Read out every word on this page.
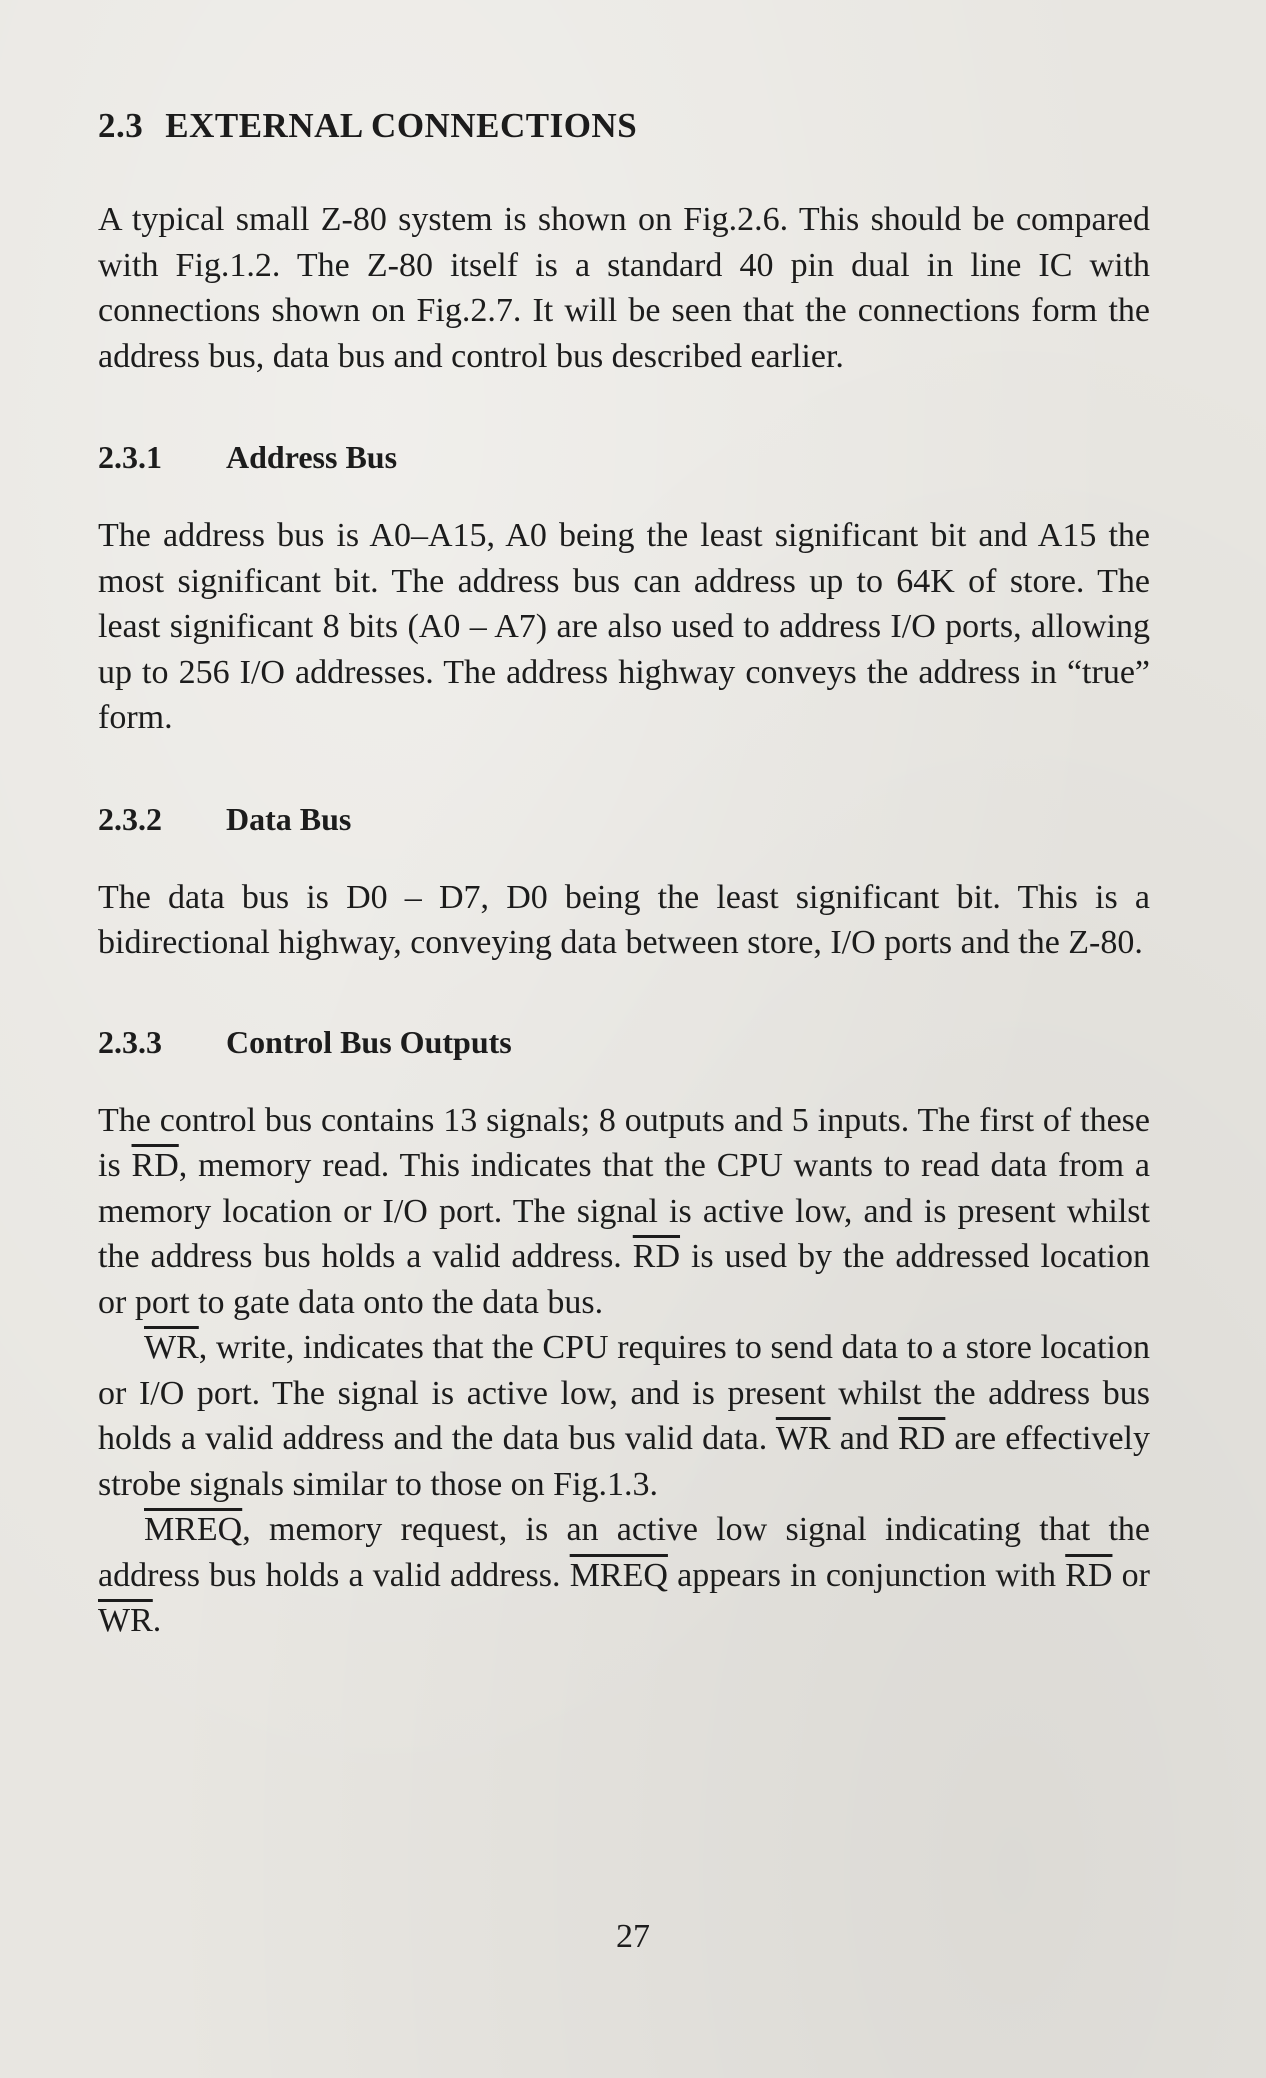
2.3 EXTERNAL CONNECTIONS

A typical small Z-80 system is shown on Fig.2.6. This should be compared with Fig.1.2. The Z-80 itself is a standard 40 pin dual in line IC with connections shown on Fig.2.7. It will be seen that the connections form the address bus, data bus and control bus described earlier.

2.3.1 Address Bus

The address bus is A0–A15, A0 being the least significant bit and A15 the most significant bit. The address bus can address up to 64K of store. The least significant 8 bits (A0 – A7) are also used to address I/O ports, allowing up to 256 I/O addresses. The address highway conveys the address in “true” form.

2.3.2 Data Bus

The data bus is D0 – D7, D0 being the least significant bit. This is a bidirectional highway, conveying data between store, I/O ports and the Z-80.

2.3.3 Control Bus Outputs

The control bus contains 13 signals; 8 outputs and 5 inputs. The first of these is $\overline{RD}$, memory read. This indicates that the CPU wants to read data from a memory location or I/O port. The signal is active low, and is present whilst the address bus holds a valid address. $\overline{RD}$ is used by the addressed location or port to gate data onto the data bus.

$\overline{WR}$, write, indicates that the CPU requires to send data to a store location or I/O port. The signal is active low, and is present whilst the address bus holds a valid address and the data bus valid data. $\overline{WR}$ and $\overline{RD}$ are effectively strobe signals similar to those on Fig.1.3.

MREQ, memory request, is an active low signal indicating that the address bus holds a valid address. MREQ appears in conjunction with $\overline{RD}$ or $\overline{WR}$.

27
